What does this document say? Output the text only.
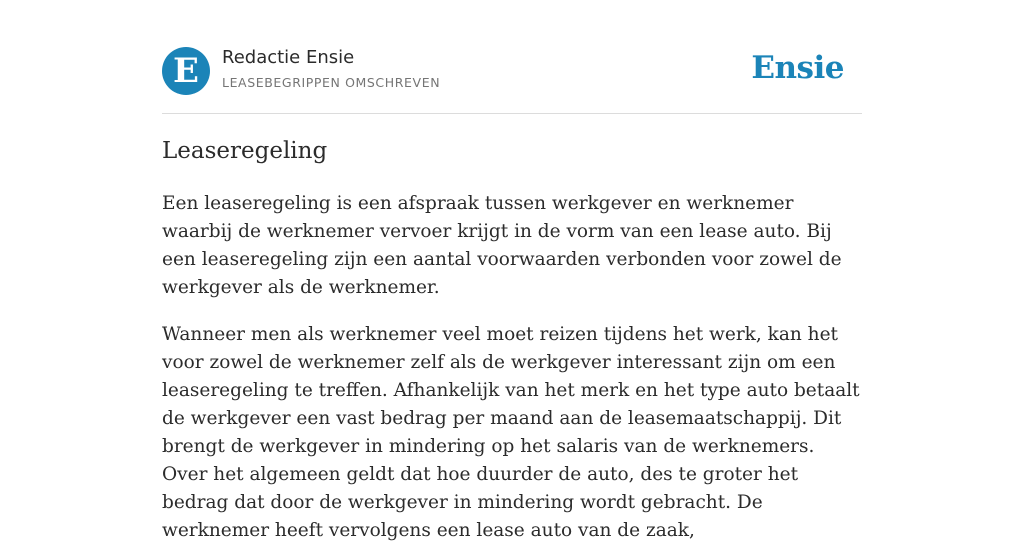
E	Redactie Ensie
LEASEBEGRIPPEN OMSCHREVEN	Ensie
Leaseregeling

Een leaseregeling is een afspraak tussen werkgever en werknemer waarbij de werknemer vervoer krijgt in de vorm van een lease auto. Bij een leaseregeling zijn een aantal voorwaarden verbonden voor zowel de werkgever als de werknemer.

Wanneer men als werknemer veel moet reizen tijdens het werk, kan het voor zowel de werknemer zelf als de werkgever interessant zijn om een leaseregeling te treffen. Afhankelijk van het merk en het type auto betaalt de werkgever een vast bedrag per maand aan de leasemaatschappij. Dit brengt de werkgever in mindering op het salaris van de werknemers. Over het algemeen geldt dat hoe duurder de auto, des te groter het bedrag dat door de werkgever in mindering wordt gebracht. De werknemer heeft vervolgens een lease auto van de zaak,
